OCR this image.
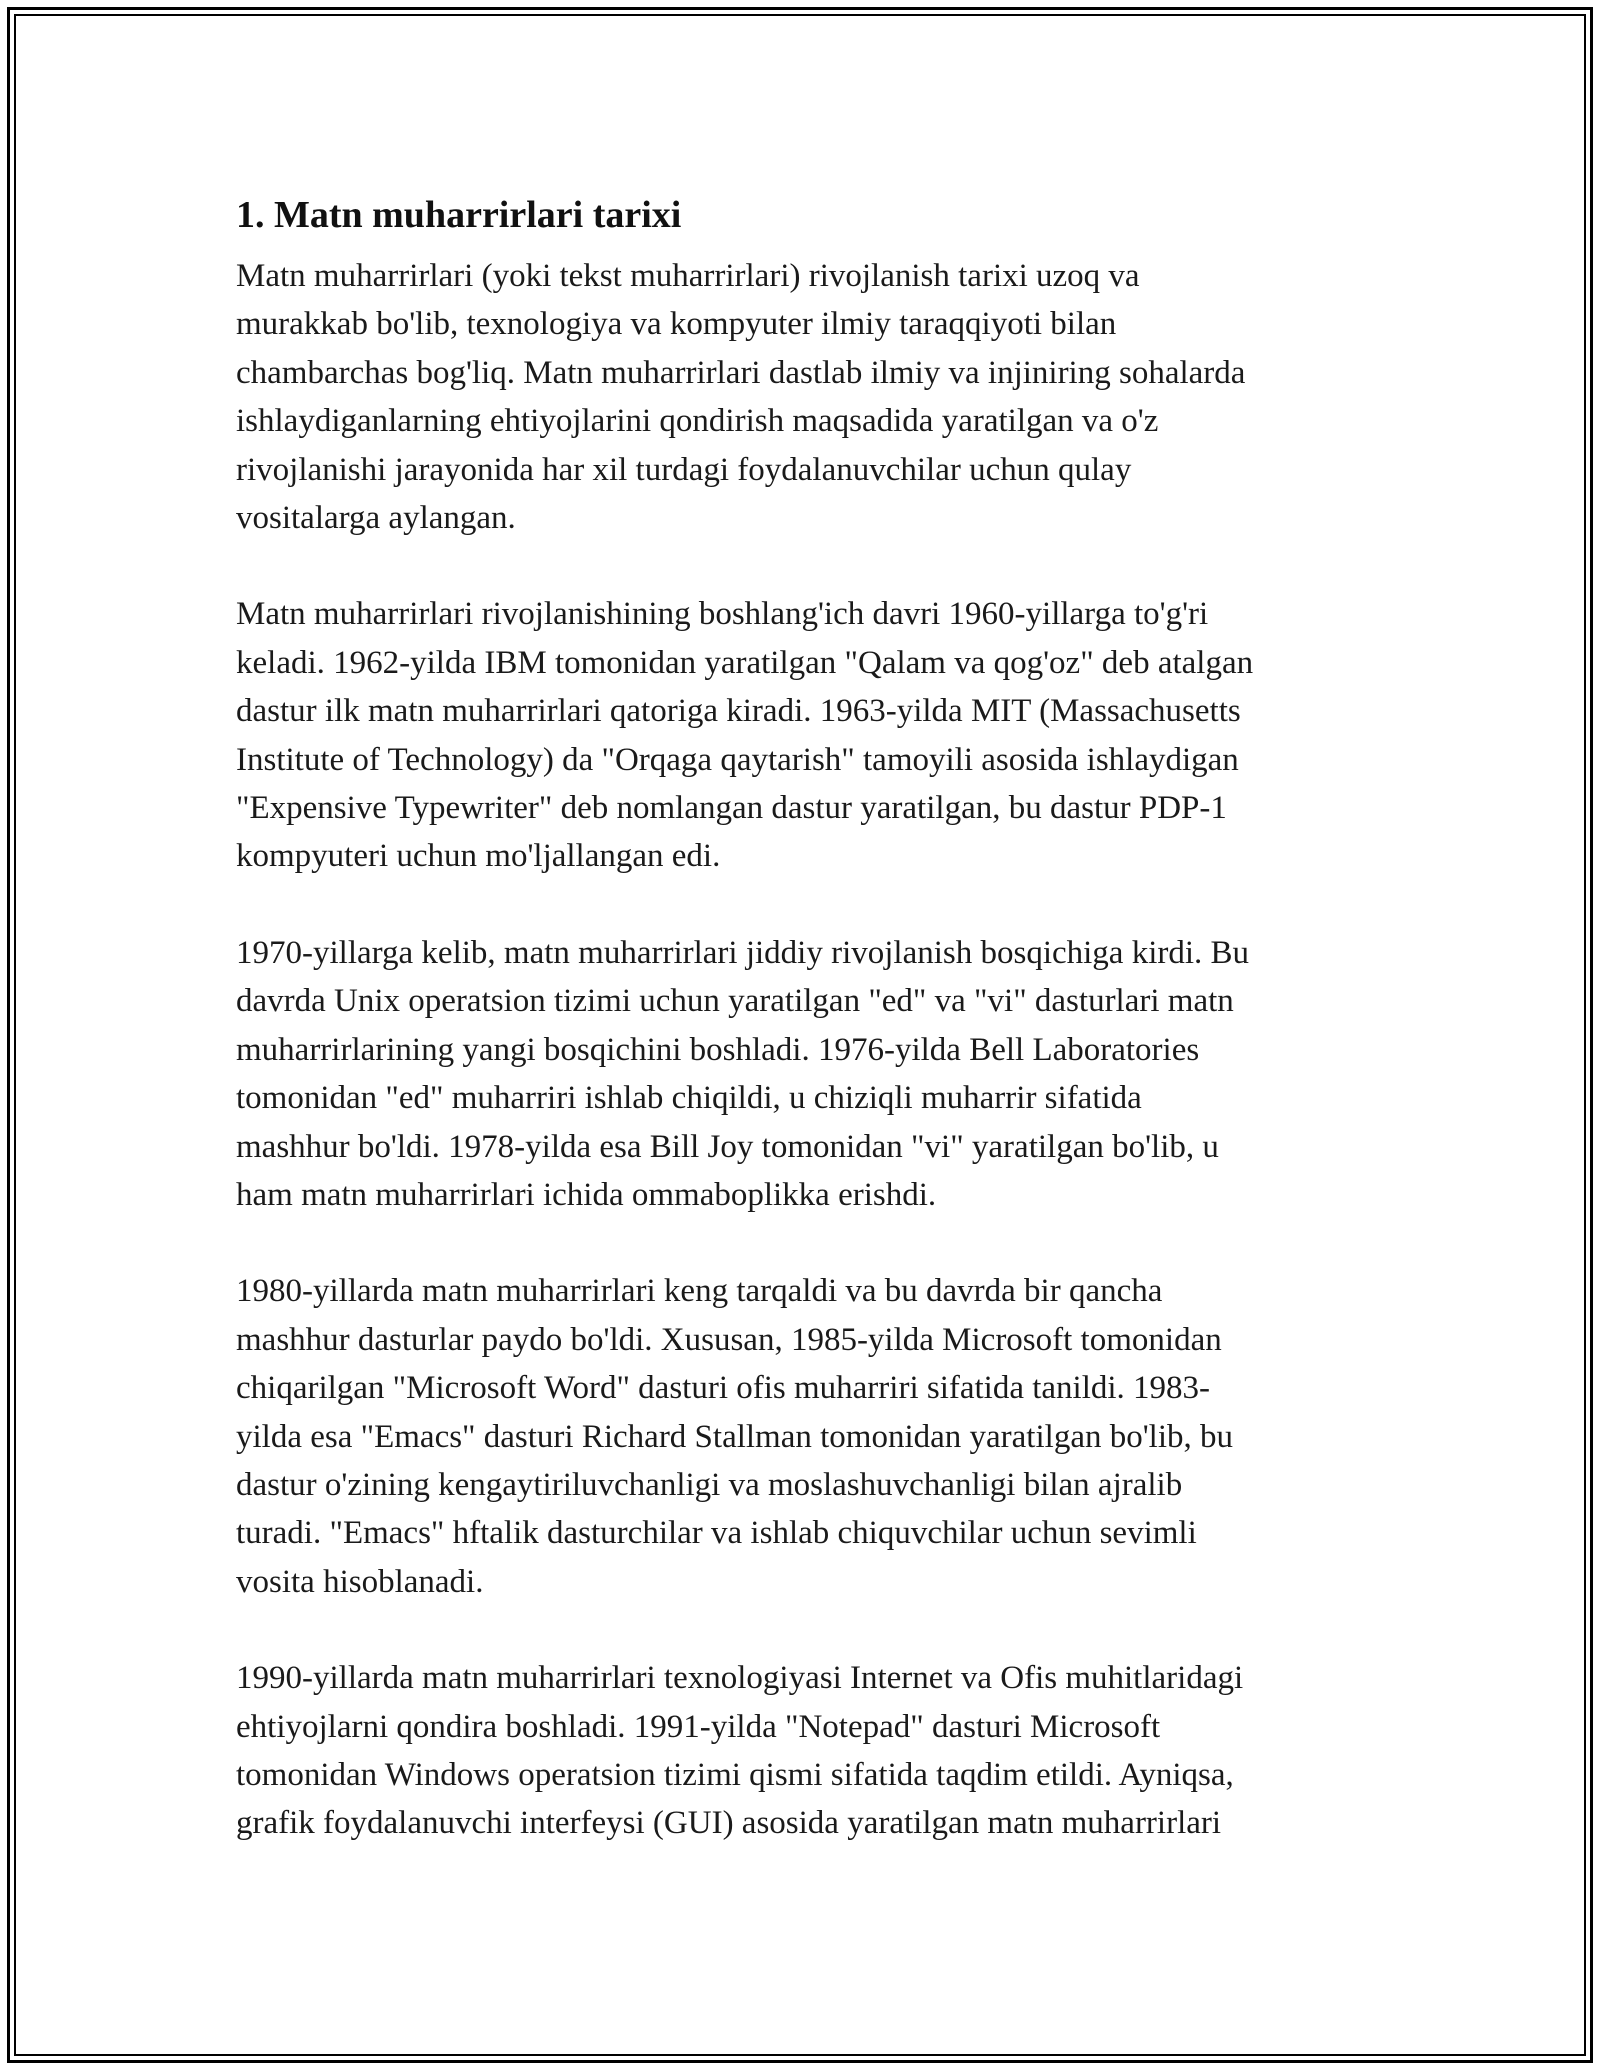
1. Matn muharrirlari tarixi

Matn muharrirlari (yoki tekst muharrirlari) rivojlanish tarixi uzoq va
murakkab bo'lib, texnologiya va kompyuter ilmiy taraqqiyoti bilan
chambarchas bog'liq. Matn muharrirlari dastlab ilmiy va injiniring sohalarda
ishlaydiganlarning ehtiyojlarini qondirish maqsadida yaratilgan va o'z
rivojlanishi jarayonida har xil turdagi foydalanuvchilar uchun qulay
vositalarga aylangan.

Matn muharrirlari rivojlanishining boshlang'ich davri 1960-yillarga to'g'ri
keladi. 1962-yilda IBM tomonidan yaratilgan "Qalam va qog'oz" deb atalgan
dastur ilk matn muharrirlari qatoriga kiradi. 1963-yilda MIT (Massachusetts
Institute of Technology) da "Orqaga qaytarish" tamoyili asosida ishlaydigan
"Expensive Typewriter" deb nomlangan dastur yaratilgan, bu dastur PDP-1
kompyuteri uchun mo'ljallangan edi.

1970-yillarga kelib, matn muharrirlari jiddiy rivojlanish bosqichiga kirdi. Bu
davrda Unix operatsion tizimi uchun yaratilgan "ed" va "vi" dasturlari matn
muharrirlarining yangi bosqichini boshladi. 1976-yilda Bell Laboratories
tomonidan "ed" muharriri ishlab chiqildi, u chiziqli muharrir sifatida
mashhur bo'ldi. 1978-yilda esa Bill Joy tomonidan "vi" yaratilgan bo'lib, u
ham matn muharrirlari ichida ommaboplikka erishdi.

1980-yillarda matn muharrirlari keng tarqaldi va bu davrda bir qancha
mashhur dasturlar paydo bo'ldi. Xususan, 1985-yilda Microsoft tomonidan
chiqarilgan "Microsoft Word" dasturi ofis muharriri sifatida tanildi. 1983-
yilda esa "Emacs" dasturi Richard Stallman tomonidan yaratilgan bo'lib, bu
dastur o'zining kengaytiriluvchanligi va moslashuvchanligi bilan ajralib
turadi. "Emacs" hftalik dasturchilar va ishlab chiquvchilar uchun sevimli
vosita hisoblanadi.

1990-yillarda matn muharrirlari texnologiyasi Internet va Ofis muhitlaridagi
ehtiyojlarni qondira boshladi. 1991-yilda "Notepad" dasturi Microsoft
tomonidan Windows operatsion tizimi qismi sifatida taqdim etildi. Ayniqsa,
grafik foydalanuvchi interfeysi (GUI) asosida yaratilgan matn muharrirlari
